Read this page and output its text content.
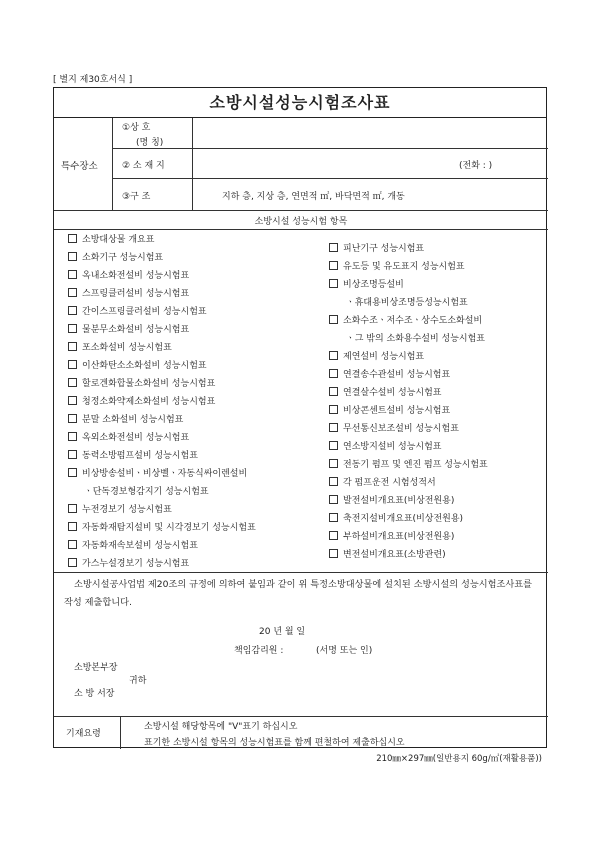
[ 별지 제30호서식 ]
소방시설성능시험조사표
특수장소
①상 호
(명 칭)
② 소 재 지	(전화 : )
③구 조	지하 층, 지상 층, 연면적 ㎡, 바닥면적 ㎡, 개동
소방시설 성능시험 항목
소방대상물 개요표
소화기구 성능시험표
옥내소화전설비 성능시험표
스프링클러설비 성능시험표
간이스프링클러설비 성능시험표
물분무소화설비 성능시험표
포소화설비 성능시험표
이산화탄소소화설비 성능시험표
할로겐화합물소화설비 성능시험표
청정소화약제소화설비 성능시험표
분말 소화설비 성능시험표
옥외소화전설비 성능시험표
동력소방펌프설비 성능시험표
비상방송설비ㆍ비상벨ㆍ자동식싸이렌설비
ㆍ단독경보형감지기 성능시험표
누전경보기 성능시험표
자동화재탐지설비 및 시각경보기 성능시험표
자동화재속보설비 성능시험표
가스누설경보기 성능시험표
피난기구 성능시험표
유도등 및 유도표지 성능시험표
비상조명등설비
ㆍ휴대용비상조명등성능시험표
소화수조ㆍ저수조ㆍ상수도소화설비
ㆍ그 밖의 소화용수설비 성능시험표
제연설비 성능시험표
연결송수관설비 성능시험표
연결살수설비 성능시험표
비상콘센트설비 성능시험표
무선통신보조설비 성능시험표
연소방지설비 성능시험표
전동기 펌프 및 엔진 펌프 성능시험표
각 펌프운전 시험성적서
발전설비개요표(비상전원용)
축전지설비개요표(비상전원용)
부하설비개요표(비상전원용)
변전설비개요표(소방관련)
소방시설공사업법 제20조의 규정에 의하여 붙임과 같이 위 특정소방대상물에 설치된 소방시설의 성능시험조사표를 작성 제출합니다.
20 년 월 일
책임감리원 :	(서명 또는 인)
소방본부장
귀하
소 방 서장
기재요령
소방시설 해당항목에 "V"표기 하십시오
표기한 소방시설 항목의 성능시험표를 함께 편철하여 제출하십시오
210㎜×297㎜(일반용지 60g/㎡(재활용품))
